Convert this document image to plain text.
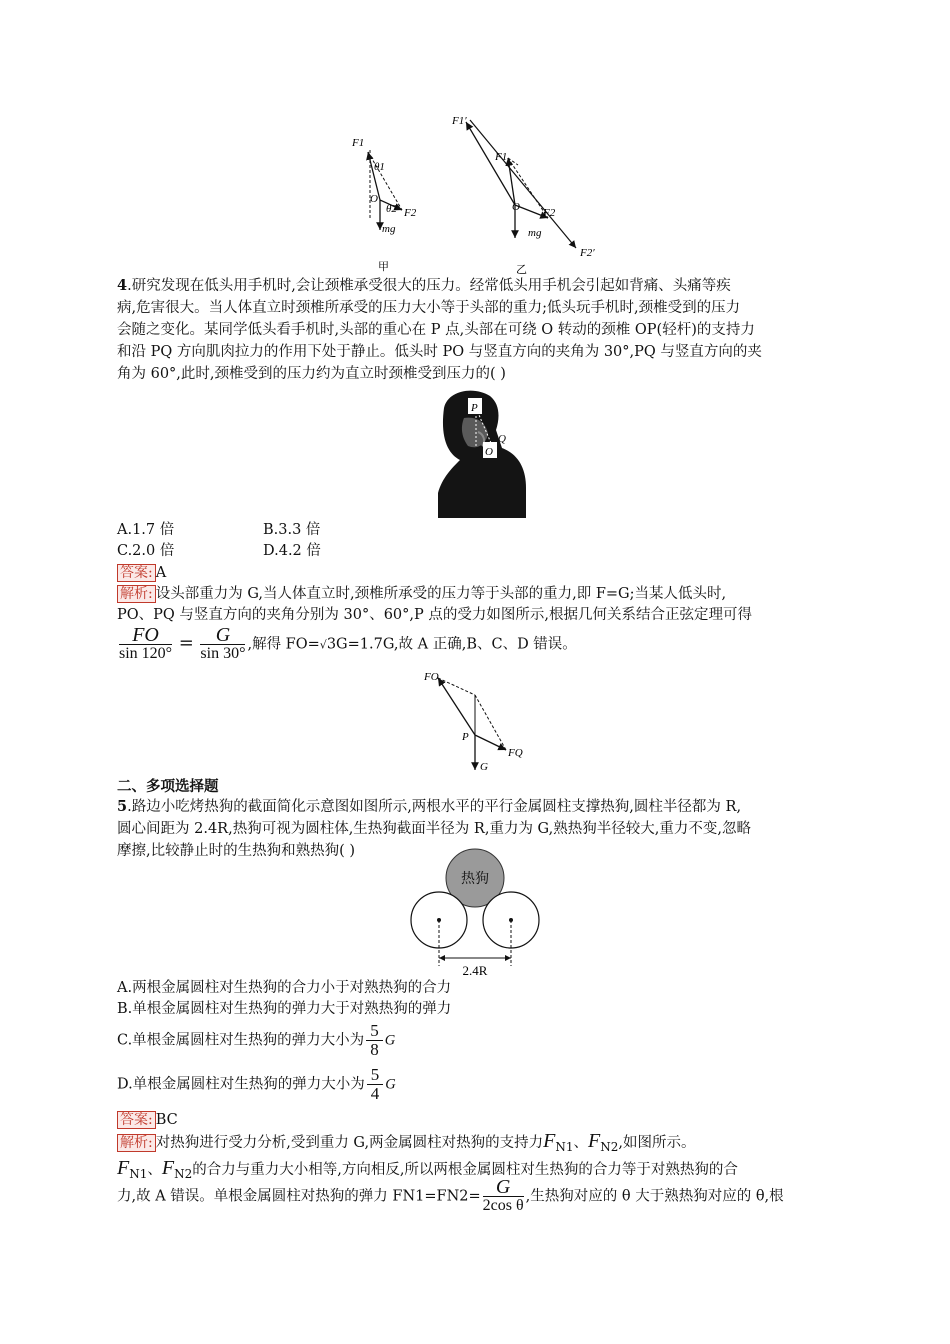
F1
θ1
O
θ2 F2
mg
甲
F1′
F1
O F2
F2′
mg
乙
4.研究发现在低头用手机时,会让颈椎承受很大的压力。经常低头用手机会引起如背痛、头痛等疾
病,危害很大。当人体直立时颈椎所承受的压力大小等于头部的重力;低头玩手机时,颈椎受到的压力
会随之变化。某同学低头看手机时,头部的重心在 P 点,头部在可绕 O 转动的颈椎 OP(轻杆)的支持力
和沿 PQ 方向肌肉拉力的作用下处于静止。低头时 PO 与竖直方向的夹角为 30°,PQ 与竖直方向的夹
角为 60°,此时,颈椎受到的压力约为直立时颈椎受到压力的( )
P
Q
O
A.1.7 倍	B.3.3 倍
C.2.0 倍	D.4.2 倍
答案: A
解析: 设头部重力为 G,当人体直立时,颈椎所承受的压力等于头部的重力,即 F=G;当某人低头时,
PO、PQ 与竖直方向的夹角分别为 30°、60°,P 点的受力如图所示,根据几何关系结合正弦定理可得
$\frac{FO}{\sin 120^\circ} = \frac{G}{\sin 30^\circ}$ ,解得 FO=√3G=1.7G,故 A 正确,B、C、D 错误。
FO
P
FQ
G
二、多项选择题
5.路边小吃烤热狗的截面简化示意图如图所示,两根水平的平行金属圆柱支撑热狗,圆柱半径都为 R,
圆心间距为 2.4R,热狗可视为圆柱体,生热狗截面半径为 R,重力为 G,熟热狗半径较大,重力不变,忽略
摩擦,比较静止时的生热狗和熟热狗( )
热狗
2.4R
A.两根金属圆柱对生热狗的合力小于对熟热狗的合力
B.单根金属圆柱对生热狗的弹力大于对熟热狗的弹力
C.单根金属圆柱对生热狗的弹力大小为 $\frac{5}{8}$ G
D.单根金属圆柱对生热狗的弹力大小为 $\frac{5}{4}$ G
答案: BC
解析: 对热狗进行受力分析,受到重力 G,两金属圆柱对热狗的支持力$F_{N1}$、$F_{N2}$,如图所示。
$F_{N1}$、$F_{N2}$的合力与重力大小相等,方向相反,所以两根金属圆柱对生热狗的合力等于对熟热狗的合
力,故 A 错误。单根金属圆柱对热狗的弹力 $FN1=FN2= \frac{G}{\text{2cos θ}}$ ,生热狗对应的 θ 大于熟热狗对应的 θ,根
